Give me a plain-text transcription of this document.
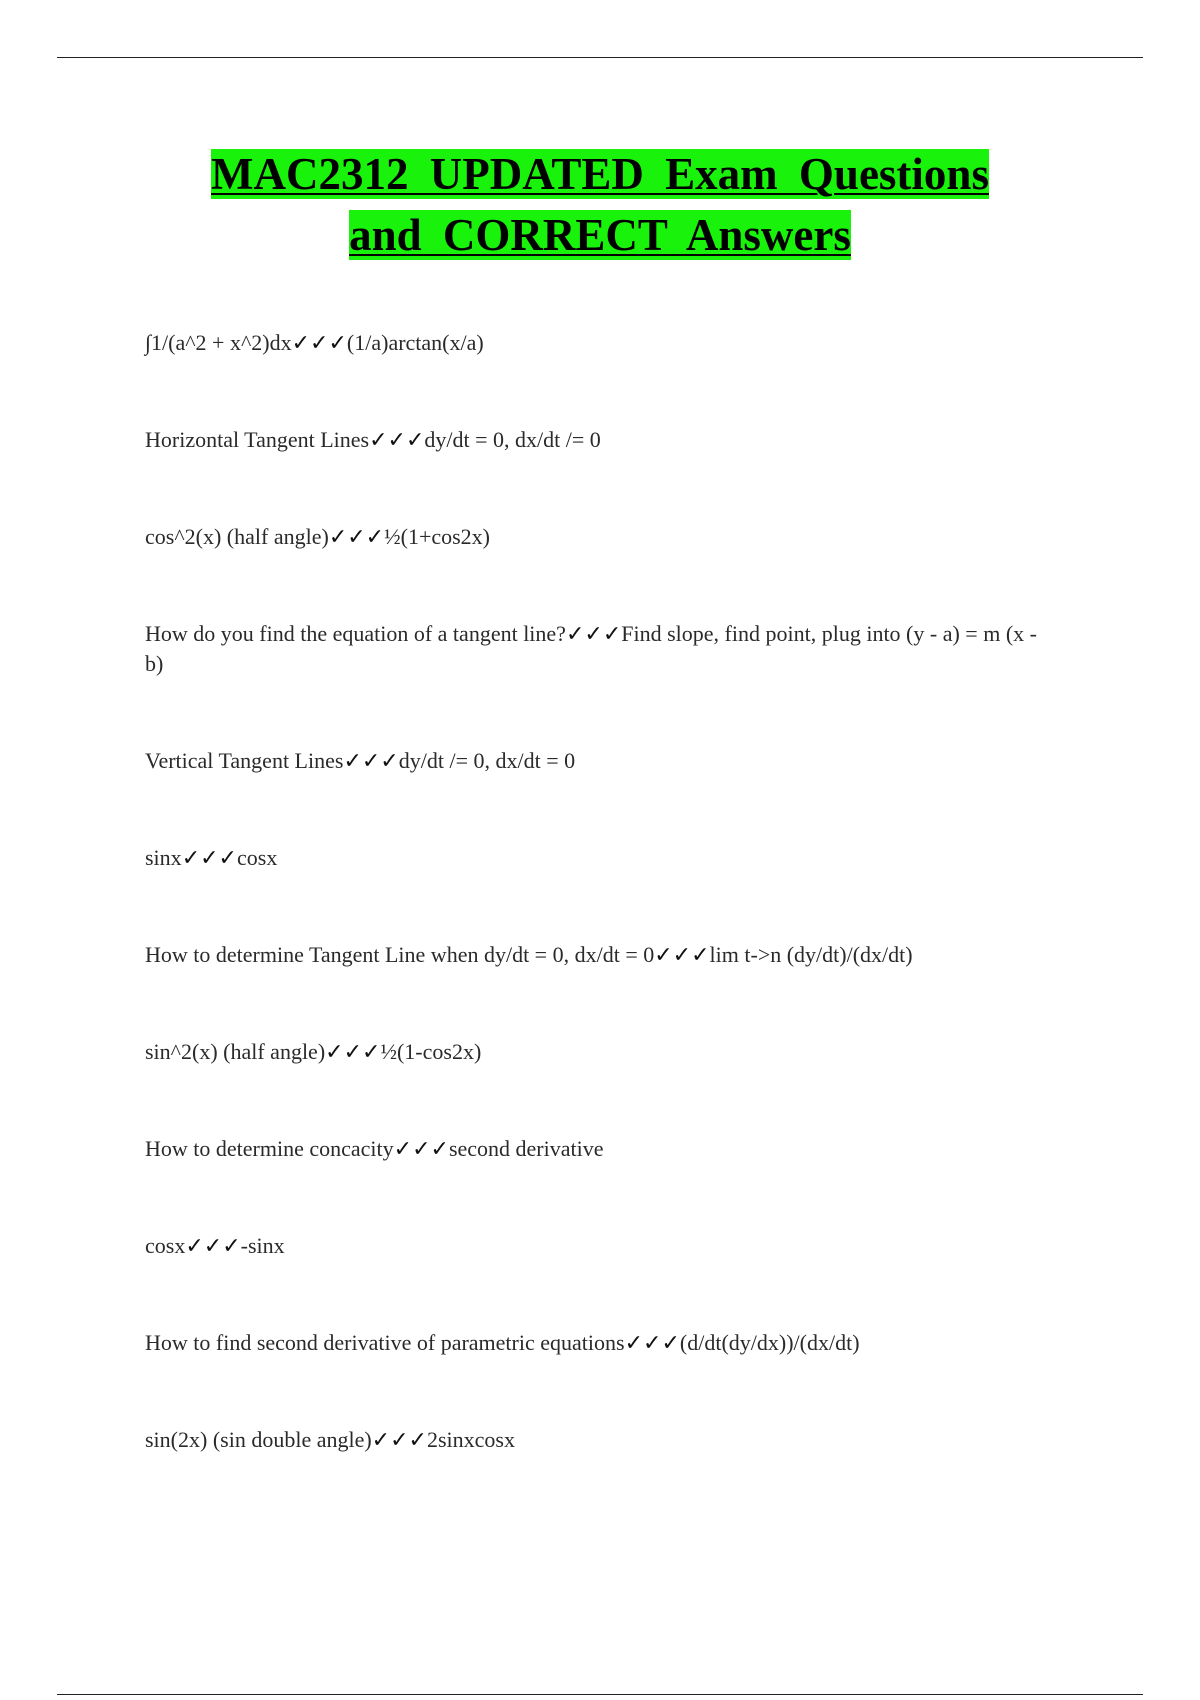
MAC2312 UPDATED Exam Questions
and CORRECT Answers
∫1/(a^2 + x^2)dx✓✓✓(1/a)arctan(x/a)
Horizontal Tangent Lines✓✓✓dy/dt = 0, dx/dt /= 0
cos^2(x) (half angle)✓✓✓½(1+cos2x)
How do you find the equation of a tangent line?✓✓✓Find slope, find point, plug into (y - a) = m (x - b)
Vertical Tangent Lines✓✓✓dy/dt /= 0, dx/dt = 0
sinx✓✓✓cosx
How to determine Tangent Line when dy/dt = 0, dx/dt = 0✓✓✓lim t->n (dy/dt)/(dx/dt)
sin^2(x) (half angle)✓✓✓½(1-cos2x)
How to determine concacity✓✓✓second derivative
cosx✓✓✓-sinx
How to find second derivative of parametric equations✓✓✓(d/dt(dy/dx))/(dx/dt)
sin(2x) (sin double angle)✓✓✓2sinxcosx
